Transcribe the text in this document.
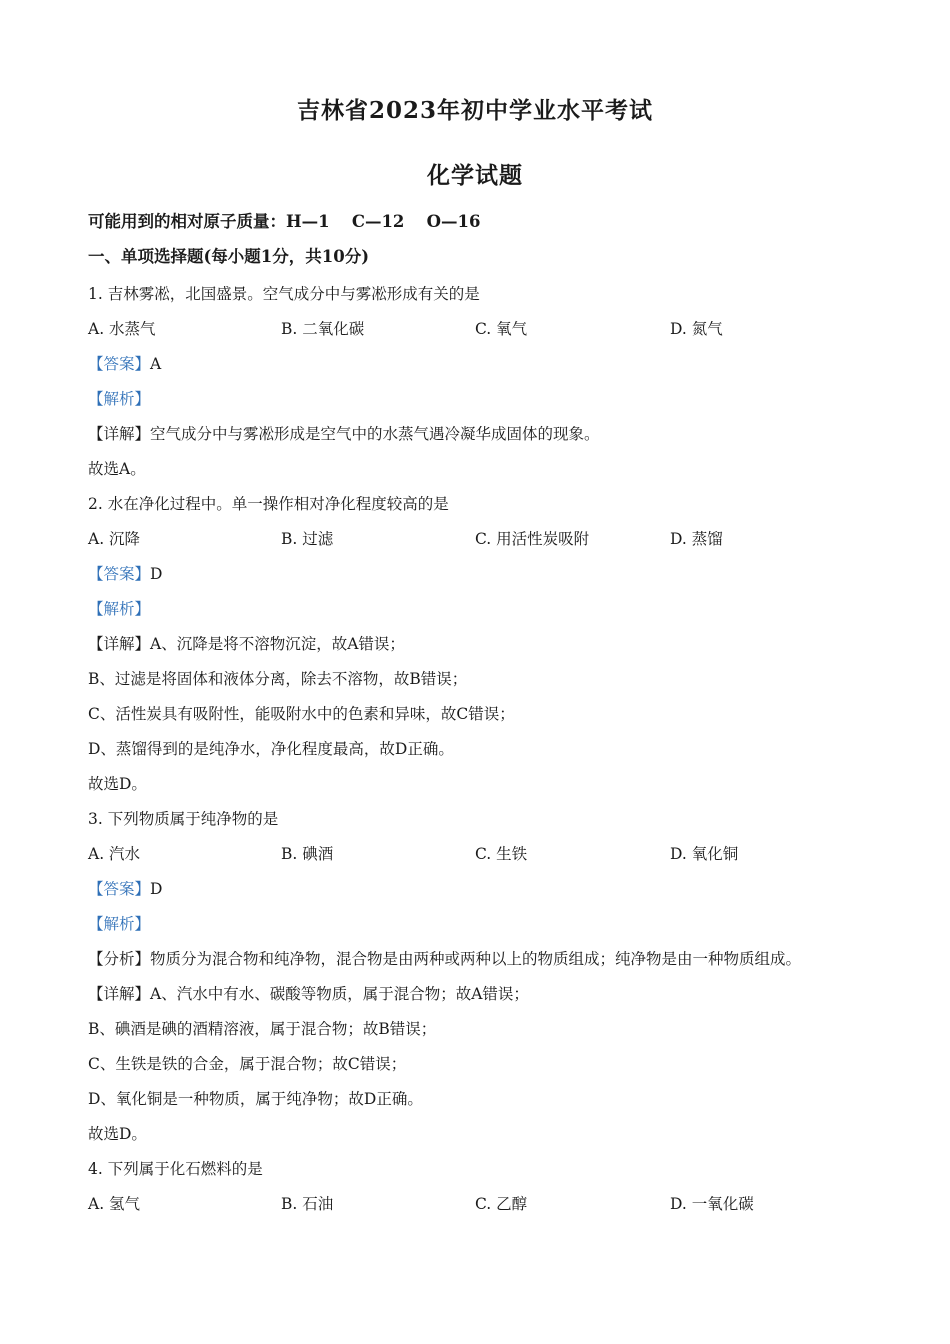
吉林省2023年初中学业水平考试
化学试题
可能用到的相对原子质量：H—1　 C—12　 O—16
一、单项选择题(每小题1分，共10分)
1. 吉林雾凇，北国盛景。空气成分中与雾凇形成有关的是
A. 水蒸气	B. 二氧化碳	C. 氧气	D. 氮气
【答案】A
【解析】
【详解】空气成分中与雾凇形成是空气中的水蒸气遇冷凝华成固体的现象。
故选A。
2. 水在净化过程中。单一操作相对净化程度较高的是
A. 沉降	B. 过滤	C. 用活性炭吸附	D. 蒸馏
【答案】D
【解析】
【详解】A、沉降是将不溶物沉淀，故A错误；
B、过滤是将固体和液体分离，除去不溶物，故B错误；
C、活性炭具有吸附性，能吸附水中的色素和异味，故C错误；
D、蒸馏得到的是纯净水，净化程度最高，故D正确。
故选D。
3. 下列物质属于纯净物的是
A. 汽水	B. 碘酒	C. 生铁	D. 氧化铜
【答案】D
【解析】
【分析】物质分为混合物和纯净物，混合物是由两种或两种以上的物质组成；纯净物是由一种物质组成。
【详解】A、汽水中有水、碳酸等物质，属于混合物；故A错误；
B、碘酒是碘的酒精溶液，属于混合物；故B错误；
C、生铁是铁的合金，属于混合物；故C错误；
D、氧化铜是一种物质，属于纯净物；故D正确。
故选D。
4. 下列属于化石燃料的是
A. 氢气	B. 石油	C. 乙醇	D. 一氧化碳
